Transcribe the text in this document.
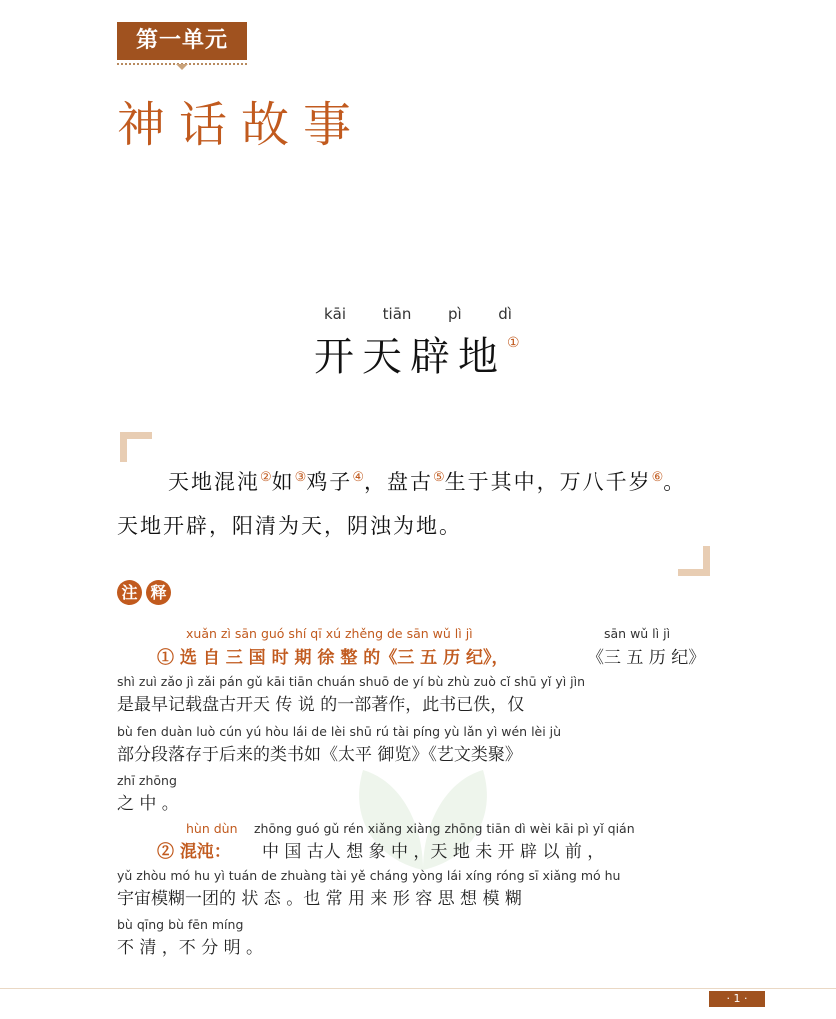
第一单元
神话故事
kāi tiān pì dì
开天辟地 ①
天地混沌②如③鸡子④，盘古⑤生于其中，万八千岁⑥。
天地开辟，阳清为天，阴浊为地。
注 释
xuǎn zì sān guó shí qī xú zhěng de sān wǔ lì jì	sān wǔ lì jì
① 选 自 三 国 时 期 徐 整 的《三 五 历 纪》，	《三 五 历 纪》
shì zuì zǎo jì zǎi pán gǔ kāi tiān chuán shuō de yí bù zhù zuò cǐ shū yǐ yì jìn
是最早记载盘古开天 传 说 的一部著作，此书已佚，仅
bù fen duàn luò cún yú hòu lái de lèi shū rú tài píng yù lǎn yì wén lèi jù
部分段落存于后来的类书如《太平 御览》《艺文类聚》
zhī zhōng
之 中 。
hùn dùn zhōng guó gǔ rén xiǎng xiàng zhōng tiān dì wèi kāi pì yǐ qián
② 混沌： 中 国 古人 想 象 中 ，天 地 未 开 辟 以 前 ，
yǔ zhòu mó hu yì tuán de zhuàng tài yě cháng yòng lái xíng róng sī xiǎng mó hu
宇宙模糊一团的 状 态 。也 常 用 来 形 容 思 想 模 糊
bù qīng bù fēn míng
不 清 ，不 分 明 。
· 1 ·
